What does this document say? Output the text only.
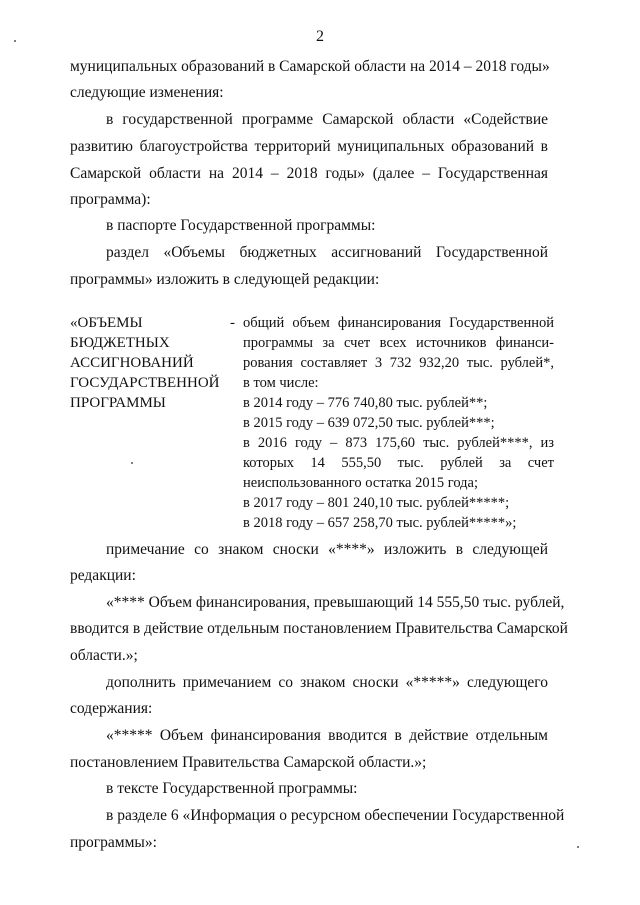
2
муниципальных образований в Самарской области на 2014 – 2018 годы»
следующие изменения:
в государственной программе Самарской области «Содействие
развитию благоустройства территорий муниципальных образований в
Самарской области на 2014 – 2018 годы» (далее – Государственная
программа):
в паспорте Государственной программы:
раздел «Объемы бюджетных ассигнований Государственной
программы» изложить в следующей редакции:
«ОБЪЕМЫ
БЮДЖЕТНЫХ
АССИГНОВАНИЙ
ГОСУДАРСТВЕННОЙ
ПРОГРАММЫ
- общий объем финансирования Государственной
программы за счет всех источников финанси-
рования составляет 3 732 932,20 тыс. рублей*,
в том числе:
в 2014 году – 776 740,80 тыс. рублей**;
в 2015 году – 639 072,50 тыс. рублей***;
в 2016 году – 873 175,60 тыс. рублей****, из
которых 14 555,50 тыс. рублей за счет
неиспользованного остатка 2015 года;
в 2017 году – 801 240,10 тыс. рублей*****;
в 2018 году – 657 258,70 тыс. рублей*****»;
примечание со знаком сноски «****» изложить в следующей
редакции:
«**** Объем финансирования, превышающий 14 555,50 тыс. рублей,
вводится в действие отдельным постановлением Правительства Самарской
области.»;
дополнить примечанием со знаком сноски «*****» следующего
содержания:
«***** Объем финансирования вводится в действие отдельным
постановлением Правительства Самарской области.»;
в тексте Государственной программы:
в разделе 6 «Информация о ресурсном обеспечении Государственной
программы»:
